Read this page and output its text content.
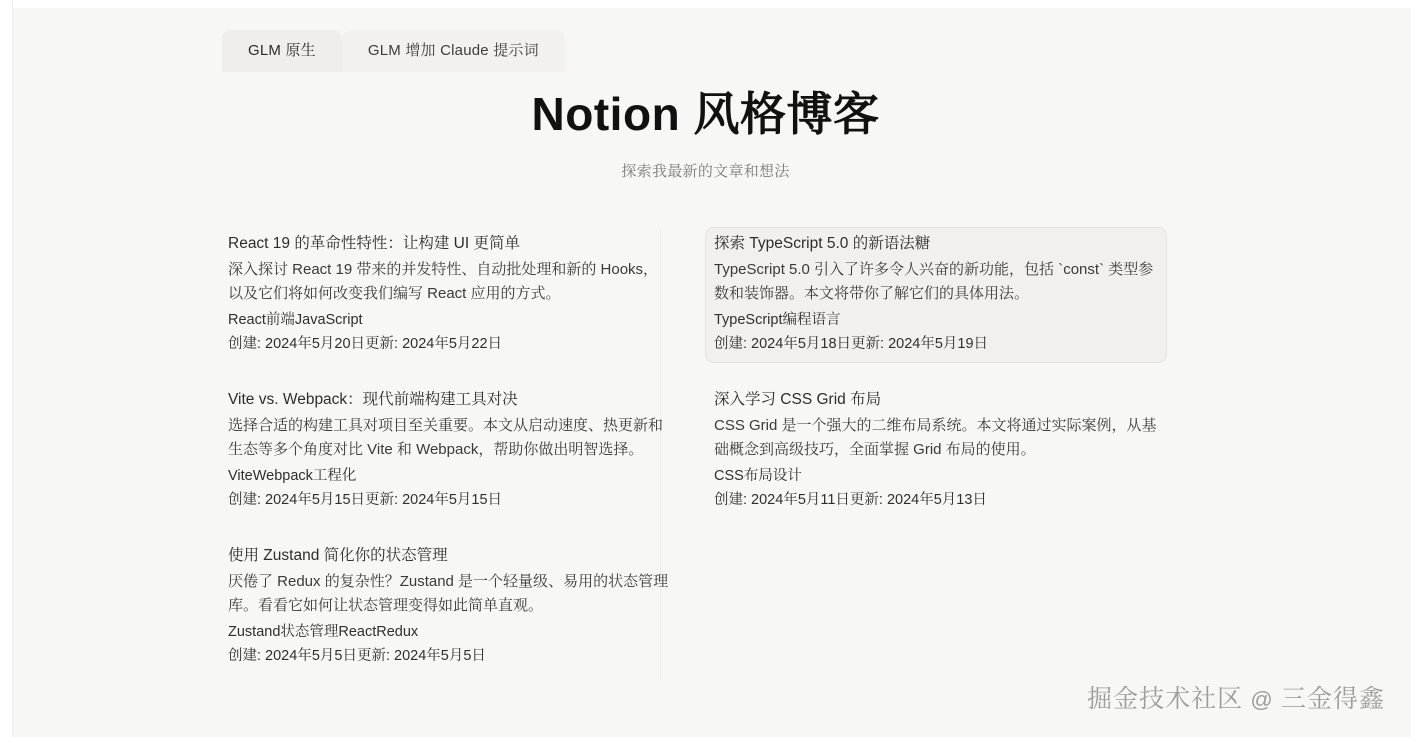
GLM 原生	GLM 增加 Claude 提示词
Notion 风格博客
探索我最新的文章和想法
React 19 的革命性特性：让构建 UI 更简单
深入探讨 React 19 带来的并发特性、自动批处理和新的 Hooks，以及它们将如何改变我们编写 React 应用的方式。
React前端JavaScript
创建: 2024年5月20日更新: 2024年5月22日
Vite vs. Webpack：现代前端构建工具对决
选择合适的构建工具对项目至关重要。本文从启动速度、热更新和生态等多个角度对比 Vite 和 Webpack，帮助你做出明智选择。
ViteWebpack工程化
创建: 2024年5月15日更新: 2024年5月15日
使用 Zustand 简化你的状态管理
厌倦了 Redux 的复杂性？Zustand 是一个轻量级、易用的状态管理库。看看它如何让状态管理变得如此简单直观。
Zustand状态管理ReactRedux
创建: 2024年5月5日更新: 2024年5月5日
探索 TypeScript 5.0 的新语法糖
TypeScript 5.0 引入了许多令人兴奋的新功能，包括 `const` 类型参数和装饰器。本文将带你了解它们的具体用法。
TypeScript编程语言
创建: 2024年5月18日更新: 2024年5月19日
深入学习 CSS Grid 布局
CSS Grid 是一个强大的二维布局系统。本文将通过实际案例，从基础概念到高级技巧，全面掌握 Grid 布局的使用。
CSS布局设计
创建: 2024年5月11日更新: 2024年5月13日
掘金技术社区 @ 三金得鑫
